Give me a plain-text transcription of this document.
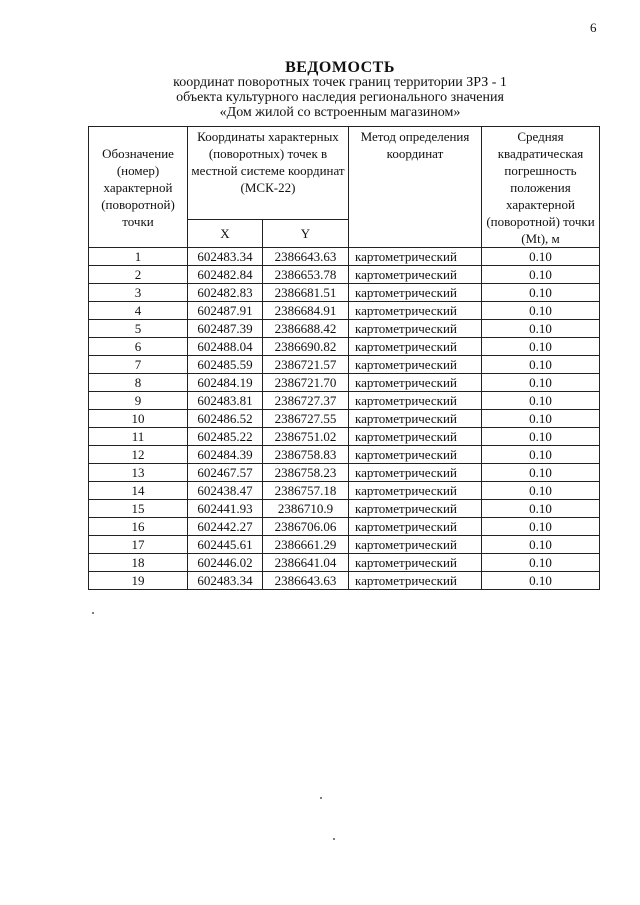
6
ВЕДОМОСТЬ
координат поворотных точек границ территории ЗРЗ - 1
объекта культурного наследия регионального значения
«Дом жилой со встроенным магазином»
Обозначение (номер) характерной (поворотной) точки	Координаты характерных (поворотных) точек в местной системе координат (МСК-22)		Метод определения координат	Средняя квадратическая погрешность положения характерной (поворотной) точки (Mt), м
	X	Y		
1	602483.34	2386643.63	картометрический	0.10
2	602482.84	2386653.78	картометрический	0.10
3	602482.83	2386681.51	картометрический	0.10
4	602487.91	2386684.91	картометрический	0.10
5	602487.39	2386688.42	картометрический	0.10
6	602488.04	2386690.82	картометрический	0.10
7	602485.59	2386721.57	картометрический	0.10
8	602484.19	2386721.70	картометрический	0.10
9	602483.81	2386727.37	картометрический	0.10
10	602486.52	2386727.55	картометрический	0.10
11	602485.22	2386751.02	картометрический	0.10
12	602484.39	2386758.83	картометрический	0.10
13	602467.57	2386758.23	картометрический	0.10
14	602438.47	2386757.18	картометрический	0.10
15	602441.93	2386710.9	картометрический	0.10
16	602442.27	2386706.06	картометрический	0.10
17	602445.61	2386661.29	картометрический	0.10
18	602446.02	2386641.04	картометрический	0.10
19	602483.34	2386643.63	картометрический	0.10
